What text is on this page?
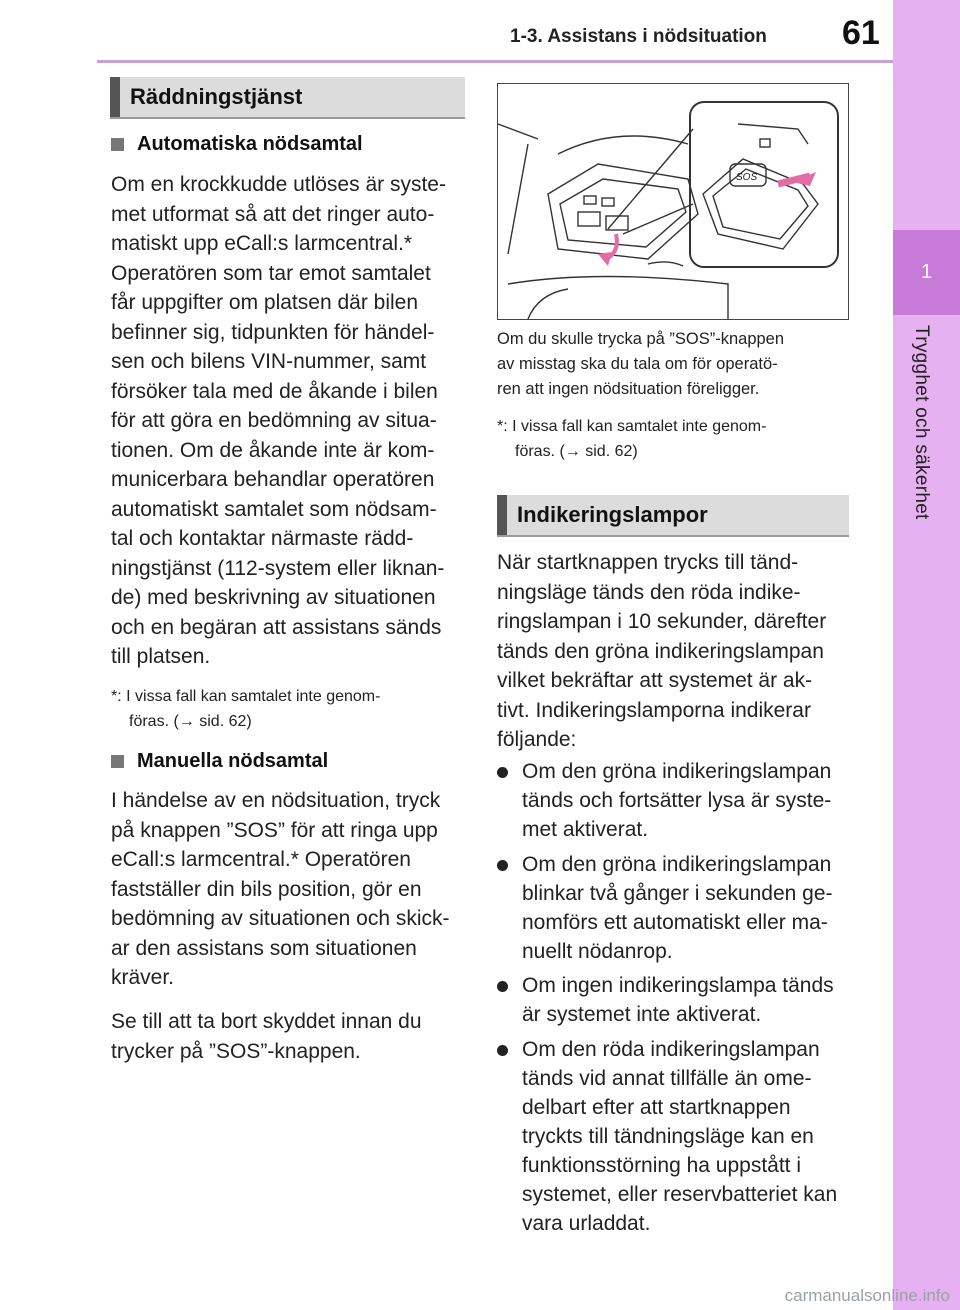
1-3. Assistans i nödsituation 61
1
Trygghet och säkerhet
Räddningstjänst
Automatiska nödsamtal

Om en krockkudde utlöses är syste-

met utformat så att det ringer auto-

matiskt upp eCall:s larmcentral.*

Operatören som tar emot samtalet

får uppgifter om platsen där bilen

befinner sig, tidpunkten för händel-

sen och bilens VIN-nummer, samt

försöker tala med de åkande i bilen

för att göra en bedömning av situa-

tionen. Om de åkande inte är kom-

municerbara behandlar operatören

automatiskt samtalet som nödsam-

tal och kontaktar närmaste rädd-

ningstjänst (112-system eller liknan-

de) med beskrivning av situationen

och en begäran att assistans sänds

till platsen.

*: I vissa fall kan samtalet inte genom-
föras. (→ sid. 62)
Manuella nödsamtal

I händelse av en nödsituation, tryck

på knappen ”SOS” för att ringa upp

eCall:s larmcentral.* Operatören

fastställer din bils position, gör en

bedömning av situationen och skick-

ar den assistans som situationen

kräver.

Se till att ta bort skyddet innan du

trycker på ”SOS”-knappen.

SOS
Om du skulle trycka på ”SOS”-knappen
av misstag ska du tala om för operatö-
ren att ingen nödsituation föreligger.
*: I vissa fall kan samtalet inte genom-
föras. (→ sid. 62)
Indikeringslampor

När startknappen trycks till tänd-

ningsläge tänds den röda indike-

ringslampan i 10 sekunder, därefter

tänds den gröna indikeringslampan

vilket bekräftar att systemet är ak-

tivt. Indikeringslamporna indikerar

följande:

Om den gröna indikeringslampan
tänds och fortsätter lysa är syste-
met aktiverat.
Om den gröna indikeringslampan
blinkar två gånger i sekunden ge-
nomförs ett automatiskt eller ma-
nuellt nödanrop.
Om ingen indikeringslampa tänds
är systemet inte aktiverat.
Om den röda indikeringslampan
tänds vid annat tillfälle än ome-
delbart efter att startknappen
tryckts till tändningsläge kan en
funktionsstörning ha uppstått i
systemet, eller reservbatteriet kan
vara urladdat.
carmanualsonline.info
